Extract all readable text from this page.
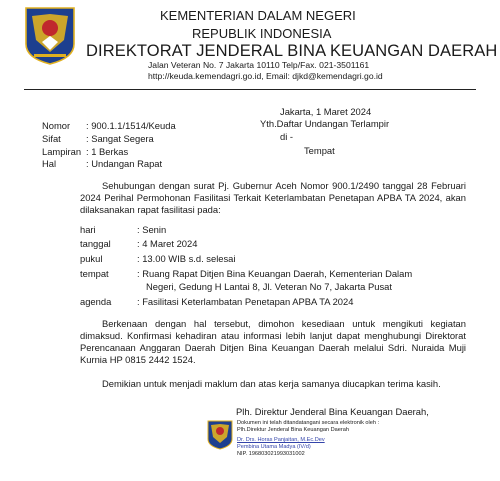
KEMENTERIAN DALAM NEGERI
REPUBLIK INDONESIA
DIREKTORAT JENDERAL BINA KEUANGAN DAERAH
Jalan Veteran No. 7 Jakarta 10110 Telp/Fax. 021-3501161
http://keuda.kemendagri.go.id, Email: djkd@kemendagri.go.id
Jakarta, 1 Maret 2024
Yth.Daftar Undangan Terlampir
di -
Tempat
Nomor : 900.1.1/1514/Keuda
Sifat	: Sangat Segera
Lampiran : 1 Berkas
Hal	: Undangan Rapat
Sehubungan dengan surat Pj. Gubernur Aceh Nomor 900.1/2490 tanggal 28 Februari 2024 Perihal Permohonan Fasilitasi Terkait Keterlambatan Penetapan APBA TA 2024, akan dilaksanakan rapat fasilitasi pada:
hari	: Senin
tanggal	: 4 Maret 2024
pukul	: 13.00 WIB s.d. selesai
tempat	: Ruang Rapat Ditjen Bina Keuangan Daerah, Kementerian Dalam
Negeri, Gedung H Lantai 8, Jl. Veteran No 7, Jakarta Pusat
agenda	: Fasilitasi Keterlambatan Penetapan APBA TA 2024
Berkenaan dengan hal tersebut, dimohon kesediaan untuk mengikuti kegiatan dimaksud. Konfirmasi kehadiran atau informasi lebih lanjut dapat menghubungi Direktorat Perencanaan Anggaran Daerah Ditjen Bina Keuangan Daerah melalui Sdri. Nuraida Muji Kurnia HP 0815 2442 1524.
Demikian untuk menjadi maklum dan atas kerja samanya diucapkan terima kasih.
Plh. Direktur Jenderal Bina Keuangan Daerah,
Dokumen ini telah ditandatangani secara elektronik oleh :
Plh.Direktur Jenderal Bina Keuangan Daerah
Dr. Drs. Horas Panjaitan, M.Ec.Dev
Pembina Utama Madya (IV/d)
NIP. 196803021993031002
